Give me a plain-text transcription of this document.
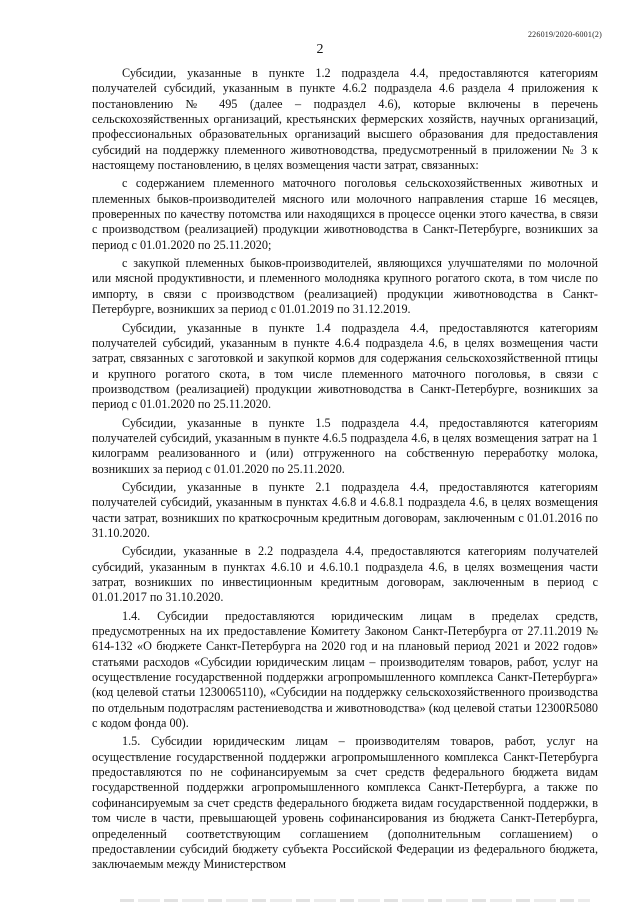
226019/2020-6001(2)
2

Субсидии, указанные в пункте 1.2 подраздела 4.4, предоставляются категориям получателей субсидий, указанным в пункте 4.6.2 подраздела 4.6 раздела 4 приложения к постановлению № 495 (далее – подраздел 4.6), которые включены в перечень сельскохозяйственных организаций, крестьянских фермерских хозяйств, научных организаций, профессиональных образовательных организаций высшего образования для предоставления субсидий на поддержку племенного животноводства, предусмотренный в приложении № 3 к настоящему постановлению, в целях возмещения части затрат, связанных:

с содержанием племенного маточного поголовья сельскохозяйственных животных и племенных быков-производителей мясного или молочного направления старше 16 месяцев, проверенных по качеству потомства или находящихся в процессе оценки этого качества, в связи с производством (реализацией) продукции животноводства в Санкт-Петербурге, возникших за период с 01.01.2020 по 25.11.2020;

с закупкой племенных быков-производителей, являющихся улучшателями по молочной или мясной продуктивности, и племенного молодняка крупного рогатого скота, в том числе по импорту, в связи с производством (реализацией) продукции животноводства в Санкт-Петербурге, возникших за период с 01.01.2019 по 31.12.2019.

Субсидии, указанные в пункте 1.4 подраздела 4.4, предоставляются категориям получателей субсидий, указанным в пункте 4.6.4 подраздела 4.6, в целях возмещения части затрат, связанных с заготовкой и закупкой кормов для содержания сельскохозяйственной птицы и крупного рогатого скота, в том числе племенного маточного поголовья, в связи с производством (реализацией) продукции животноводства в Санкт-Петербурге, возникших за период с 01.01.2020 по 25.11.2020.

Субсидии, указанные в пункте 1.5 подраздела 4.4, предоставляются категориям получателей субсидий, указанным в пункте 4.6.5 подраздела 4.6, в целях возмещения затрат на 1 килограмм реализованного и (или) отгруженного на собственную переработку молока, возникших за период с 01.01.2020 по 25.11.2020.

Субсидии, указанные в пункте 2.1 подраздела 4.4, предоставляются категориям получателей субсидий, указанным в пунктах 4.6.8 и 4.6.8.1 подраздела 4.6, в целях возмещения части затрат, возникших по краткосрочным кредитным договорам, заключенным с 01.01.2016 по 31.10.2020.

Субсидии, указанные в 2.2 подраздела 4.4, предоставляются категориям получателей субсидий, указанным в пунктах 4.6.10 и 4.6.10.1 подраздела 4.6, в целях возмещения части затрат, возникших по инвестиционным кредитным договорам, заключенным в период с 01.01.2017 по 31.10.2020.

1.4. Субсидии предоставляются юридическим лицам в пределах средств, предусмотренных на их предоставление Комитету Законом Санкт-Петербурга от 27.11.2019 № 614-132 «О бюджете Санкт-Петербурга на 2020 год и на плановый период 2021 и 2022 годов» статьями расходов «Субсидии юридическим лицам – производителям товаров, работ, услуг на осуществление государственной поддержки агропромышленного комплекса Санкт-Петербурга» (код целевой статьи 1230065110), «Субсидии на поддержку сельскохозяйственного производства по отдельным подотраслям растениеводства и животноводства» (код целевой статьи 12300R5080 с кодом фонда 00).

1.5. Субсидии юридическим лицам – производителям товаров, работ, услуг на осуществление государственной поддержки агропромышленного комплекса Санкт-Петербурга предоставляются по не софинансируемым за счет средств федерального бюджета видам государственной поддержки агропромышленного комплекса Санкт-Петербурга, а также по софинансируемым за счет средств федерального бюджета видам государственной поддержки, в том числе в части, превышающей уровень софинансирования из бюджета Санкт-Петербурга, определенный соответствующим соглашением (дополнительным соглашением) о предоставлении субсидий бюджету субъекта Российской Федерации из федерального бюджета, заключаемым между Министерством
